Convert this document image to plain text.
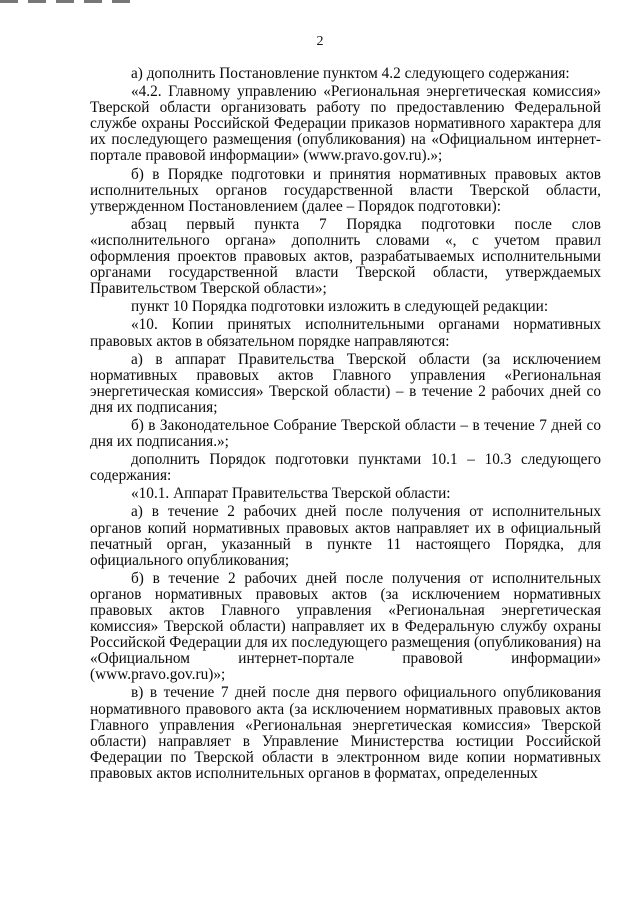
2

а) дополнить Постановление пунктом 4.2 следующего содержания:

«4.2. Главному управлению «Региональная энергетическая комиссия» Тверской области организовать работу по предоставлению Федеральной службе охраны Российской Федерации приказов нормативного характера для их последующего размещения (опубликования) на «Официальном интернет-портале правовой информации» (www.pravo.gov.ru).»;

б) в Порядке подготовки и принятия нормативных правовых актов исполнительных органов государственной власти Тверской области, утвержденном Постановлением (далее – Порядок подготовки):

абзац первый пункта 7 Порядка подготовки после слов «исполнительного органа» дополнить словами «, с учетом правил оформления проектов правовых актов, разрабатываемых исполнительными органами государственной власти Тверской области, утверждаемых Правительством Тверской области»;

пункт 10 Порядка подготовки изложить в следующей редакции:

«10. Копии принятых исполнительными органами нормативных правовых актов в обязательном порядке направляются:

а) в аппарат Правительства Тверской области (за исключением нормативных правовых актов Главного управления «Региональная энергетическая комиссия» Тверской области) – в течение 2 рабочих дней со дня их подписания;

б) в Законодательное Собрание Тверской области – в течение 7 дней со дня их подписания.»;

дополнить Порядок подготовки пунктами 10.1 – 10.3 следующего содержания:

«10.1. Аппарат Правительства Тверской области:

а) в течение 2 рабочих дней после получения от исполнительных органов копий нормативных правовых актов направляет их в официальный печатный орган, указанный в пункте 11 настоящего Порядка, для официального опубликования;

б) в течение 2 рабочих дней после получения от исполнительных органов нормативных правовых актов (за исключением нормативных правовых актов Главного управления «Региональная энергетическая комиссия» Тверской области) направляет их в Федеральную службу охраны Российской Федерации для их последующего размещения (опубликования) на «Официальном интернет-портале правовой информации» (www.pravo.gov.ru)»;

в) в течение 7 дней после дня первого официального опубликования нормативного правового акта (за исключением нормативных правовых актов Главного управления «Региональная энергетическая комиссия» Тверской области) направляет в Управление Министерства юстиции Российской Федерации по Тверской области в электронном виде копии нормативных правовых актов исполнительных органов в форматах, определенных
